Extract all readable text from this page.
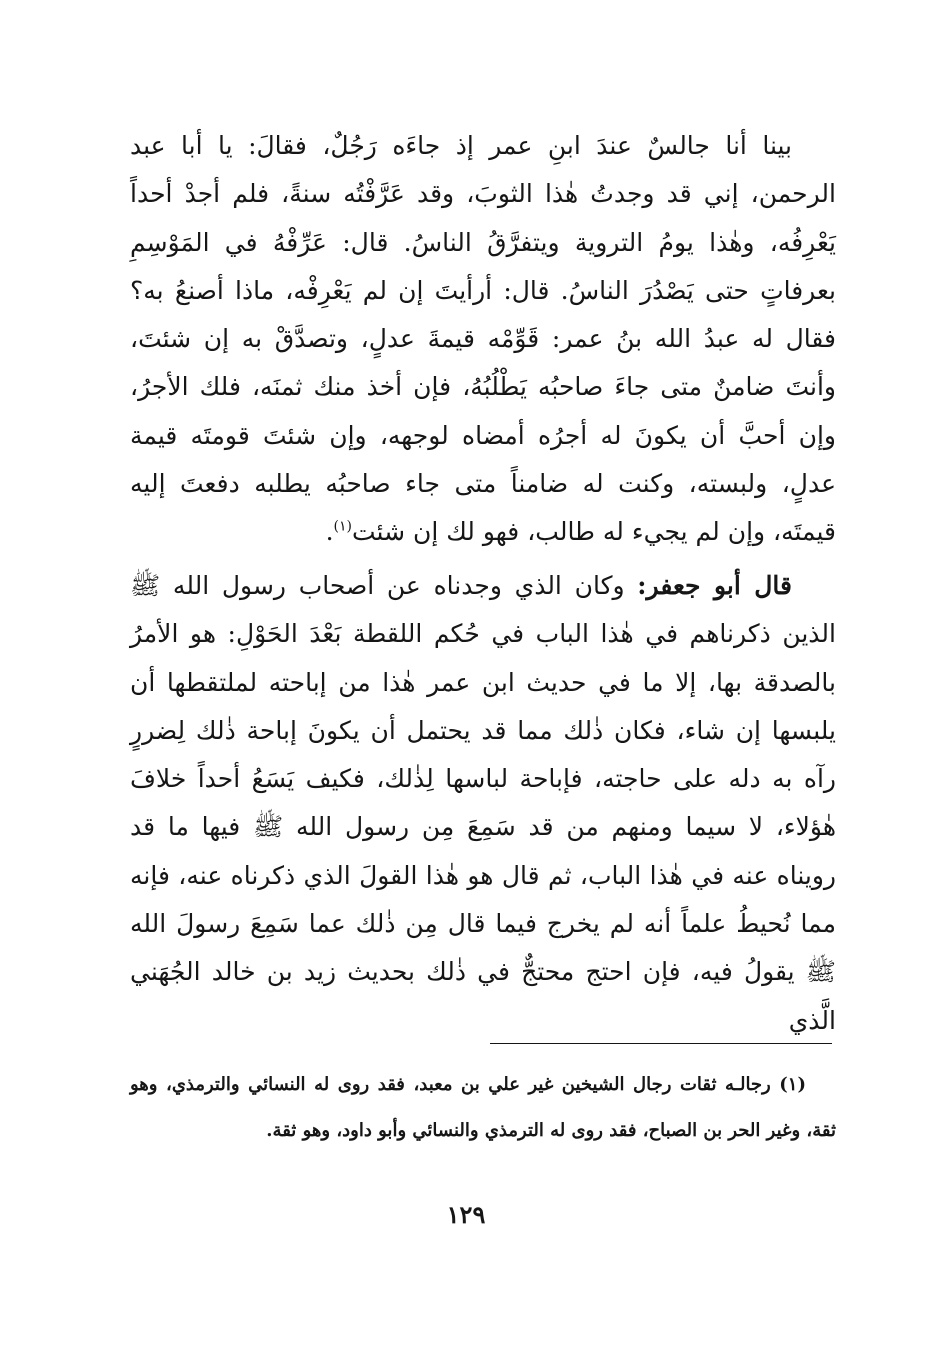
بينا أنا جالسٌ عندَ ابنِ عمر إذ جاءَه رَجُلٌ، فقالَ: يا أبا عبد الرحمن، إني قد وجدتُ هٰذا الثوبَ، وقد عَرَّفْتُه سنةً، فلم أجدْ أحداً يَعْرِفُه، وهٰذا يومُ التروية ويتفرَّقُ الناسُ. قال: عَرِّفْهُ في المَوْسِمِ بعرفاتٍ حتى يَصْدُرَ الناسُ. قال: أرأيتَ إن لم يَعْرِفْه، ماذا أصنعُ به؟ فقال له عبدُ الله بنُ عمر: قَوِّمْه قيمةَ عدلٍ، وتصدَّقْ به إن شئتَ، وأنتَ ضامنٌ متى جاءَ صاحبُه يَطْلُبُهُ، فإن أخذ منك ثمنَه، فلك الأجرُ، وإن أحبَّ أن يكونَ له أجرُه أمضاه لوجهه، وإن شئتَ قومتَه قيمة عدلٍ، ولبسته، وكنت له ضامناً متى جاء صاحبُه يطلبه دفعتَ إليه قيمتَه، وإن لم يجيء له طالب، فهو لك إن شئت$^{(١)}$.

قال أبو جعفر: وكان الذي وجدناه عن أصحاب رسول الله ﷺ الذين ذكرناهم في هٰذا الباب في حُكم اللقطة بَعْدَ الحَوْلِ: هو الأمرُ بالصدقة بها، إلا ما في حديث ابن عمر هٰذا من إباحته لملتقطها أن يلبسها إن شاء، فكان ذٰلك مما قد يحتمل أن يكونَ إباحة ذٰلك لِضررٍ رآه به دله على حاجته، فإباحة لباسها لِذٰلك، فكيف يَسَعُ أحداً خلافَ هٰؤلاء، لا سيما ومنهم من قد سَمِعَ مِن رسول الله ﷺ فيها ما قد رويناه عنه في هٰذا الباب، ثم قال هو هٰذا القولَ الذي ذكرناه عنه، فإنه مما نُحيطُ علماً أنه لم يخرج فيما قال مِن ذٰلك عما سَمِعَ رسولَ الله ﷺ يقولُ فيه، فإن احتج محتجٌّ في ذٰلك بحديث زيد بن خالد الجُهَني الَّذي

(١) رجالـه ثقات رجال الشيخين غير علي بن معبد، فقد روى له النسائي والترمذي، وهو ثقة، وغير الحر بن الصباح، فقد روى له الترمذي والنسائي وأبو داود، وهو ثقة.

١٢٩
